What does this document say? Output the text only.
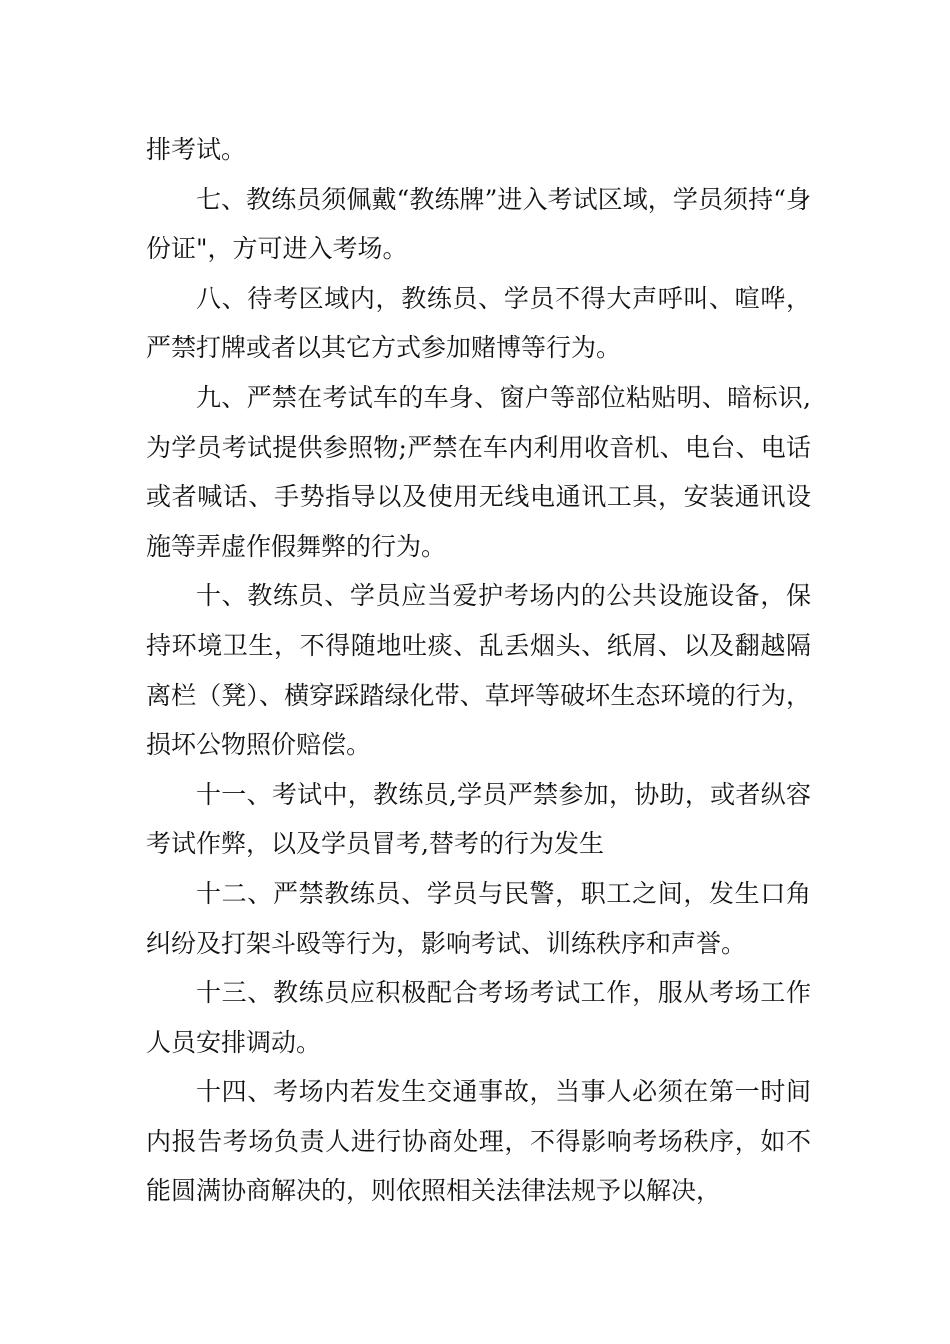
排考试。

七、教练员须佩戴“教练牌”进入考试区域，学员须持“身份证"，方可进入考场。

八、待考区域内，教练员、学员不得大声呼叫、喧哗，严禁打牌或者以其它方式参加赌博等行为。

九、严禁在考试车的车身、窗户等部位粘贴明、暗标识,为学员考试提供参照物;严禁在车内利用收音机、电台、电话或者喊话、手势指导以及使用无线电通讯工具，安装通讯设施等弄虚作假舞弊的行为。

十、教练员、学员应当爱护考场内的公共设施设备，保持环境卫生，不得随地吐痰、乱丢烟头、纸屑、以及翻越隔离栏（凳）、横穿踩踏绿化带、草坪等破坏生态环境的行为，损坏公物照价赔偿。

十一、考试中，教练员,学员严禁参加，协助，或者纵容考试作弊，以及学员冒考,替考的行为发生

十二、严禁教练员、学员与民警，职工之间，发生口角纠纷及打架斗殴等行为，影响考试、训练秩序和声誉。

十三、教练员应积极配合考场考试工作，服从考场工作人员安排调动。

十四、考场内若发生交通事故，当事人必须在第一时间内报告考场负责人进行协商处理，不得影响考场秩序，如不能圆满协商解决的，则依照相关法律法规予以解决，
